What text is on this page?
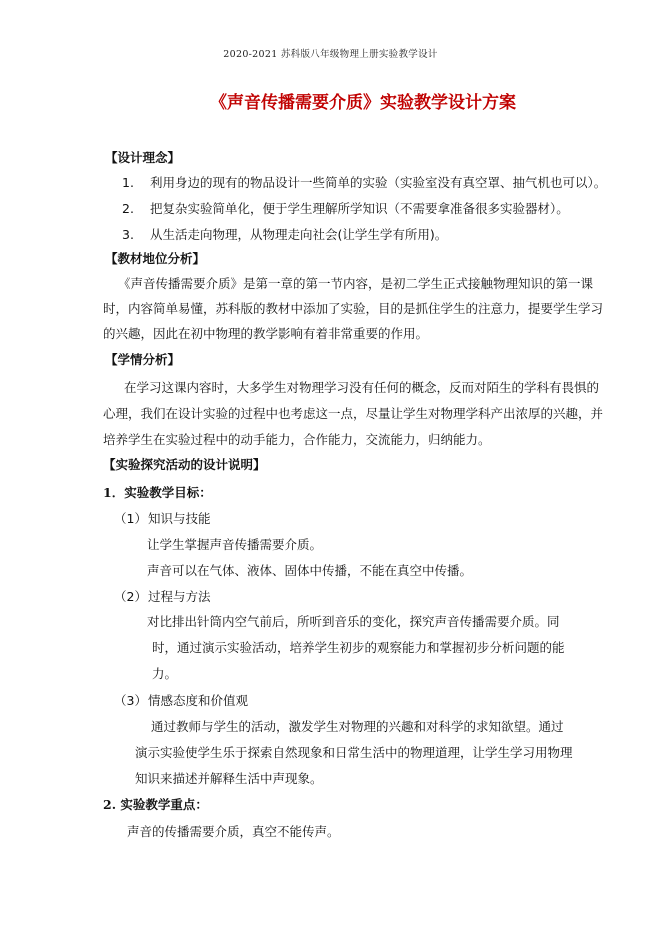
2020-2021 苏科版八年级物理上册实验教学设计
《声音传播需要介质》实验教学设计方案
【设计理念】
1. 利用身边的现有的物品设计一些简单的实验（实验室没有真空罩、抽气机也可以）。
2. 把复杂实验简单化，便于学生理解所学知识（不需要拿准备很多实验器材）。
3. 从生活走向物理，从物理走向社会(让学生学有所用)。
【教材地位分析】
《声音传播需要介质》是第一章的第一节内容，是初二学生正式接触物理知识的第一课
时，内容简单易懂，苏科版的教材中添加了实验，目的是抓住学生的注意力，提要学生学习
的兴趣，因此在初中物理的教学影响有着非常重要的作用。
【学情分析】
在学习这课内容时，大多学生对物理学习没有任何的概念，反而对陌生的学科有畏惧的
心理，我们在设计实验的过程中也考虑这一点，尽量让学生对物理学科产出浓厚的兴趣，并
培养学生在实验过程中的动手能力，合作能力，交流能力，归纳能力。
【实验探究活动的设计说明】
1．实验教学目标：
（1）知识与技能
让学生掌握声音传播需要介质。
声音可以在气体、液体、固体中传播，不能在真空中传播。
（2）过程与方法
对比排出针筒内空气前后，所听到音乐的变化，探究声音传播需要介质。同
时，通过演示实验活动，培养学生初步的观察能力和掌握初步分析问题的能
力。
（3）情感态度和价值观
通过教师与学生的活动，激发学生对物理的兴趣和对科学的求知欲望。通过
演示实验使学生乐于探索自然现象和日常生活中的物理道理，让学生学习用物理
知识来描述并解释生活中声现象。
2. 实验教学重点：
声音的传播需要介质，真空不能传声。
